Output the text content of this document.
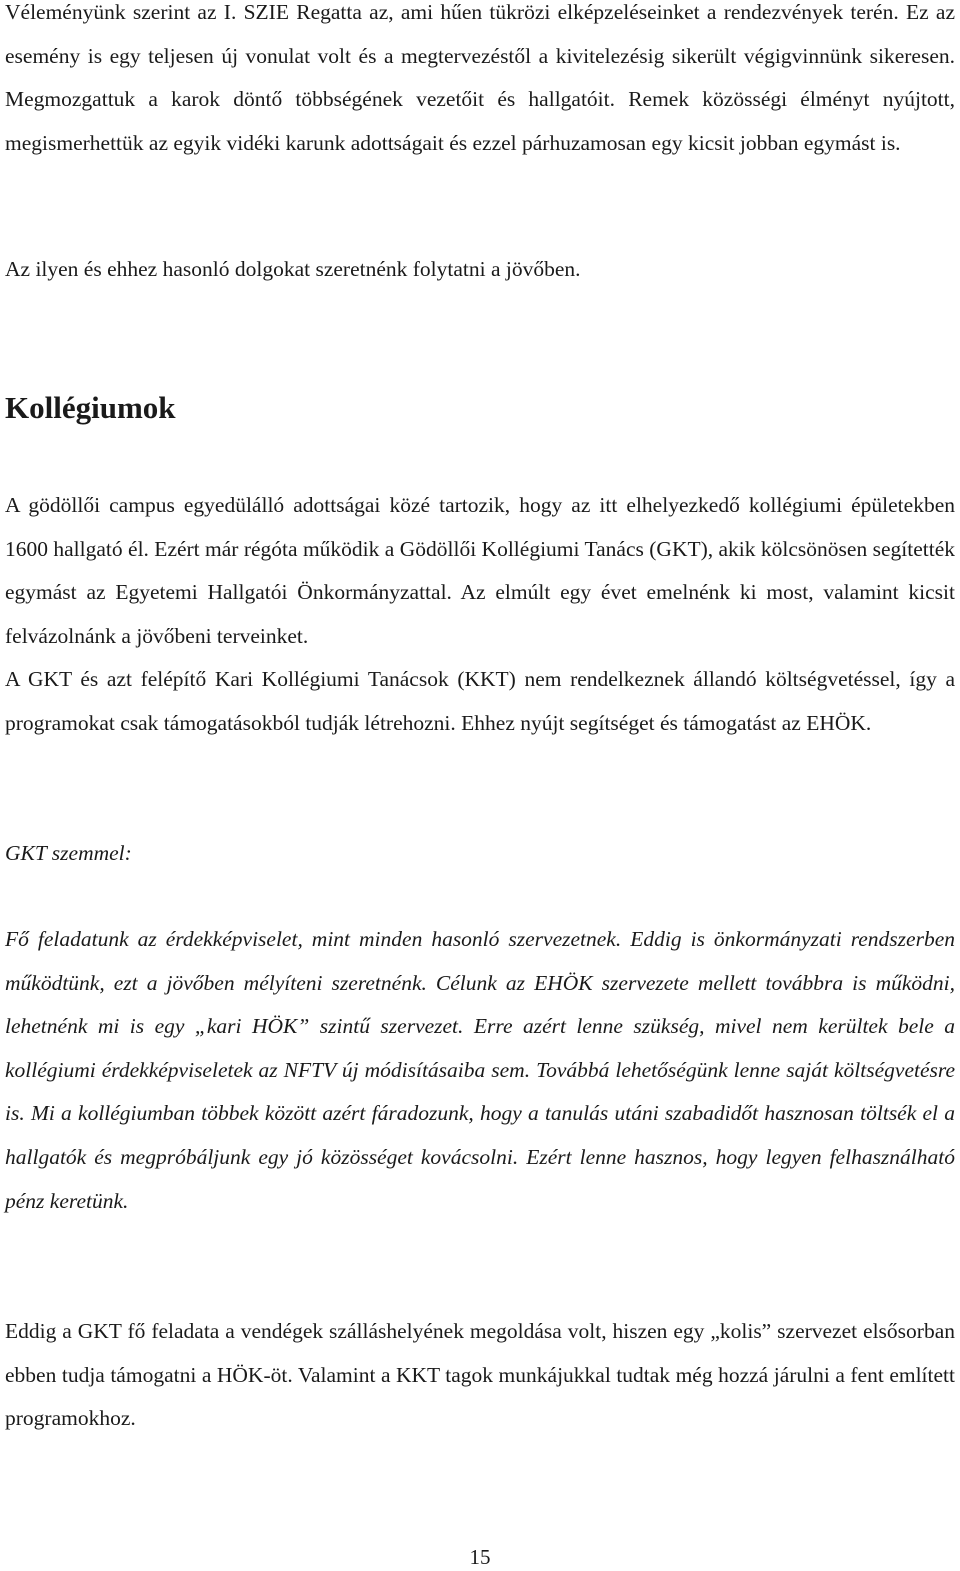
Véleményünk szerint az I. SZIE Regatta az, ami hűen tükrözi elképzeléseinket a rendezvények terén. Ez az esemény is egy teljesen új vonulat volt és a megtervezéstől a kivitelezésig sikerült végigvinnünk sikeresen. Megmozgattuk a karok döntő többségének vezetőit és hallgatóit. Remek közösségi élményt nyújtott, megismerhettük az egyik vidéki karunk adottságait és ezzel párhuzamosan egy kicsit jobban egymást is.

Az ilyen és ehhez hasonló dolgokat szeretnénk folytatni a jövőben.

Kollégiumok

A gödöllői campus egyedülálló adottságai közé tartozik, hogy az itt elhelyezkedő kollégiumi épületekben 1600 hallgató él. Ezért már régóta működik a Gödöllői Kollégiumi Tanács (GKT), akik kölcsönösen segítették egymást az Egyetemi Hallgatói Önkormányzattal. Az elmúlt egy évet emelnénk ki most, valamint kicsit felvázolnánk a jövőbeni terveinket.

A GKT és azt felépítő Kari Kollégiumi Tanácsok (KKT) nem rendelkeznek állandó költségvetéssel, így a programokat csak támogatásokból tudják létrehozni. Ehhez nyújt segítséget és támogatást az EHÖK.

GKT szemmel:

Fő feladatunk az érdekképviselet, mint minden hasonló szervezetnek. Eddig is önkormányzati rendszerben működtünk, ezt a jövőben mélyíteni szeretnénk. Célunk az EHÖK szervezete mellett továbbra is működni, lehetnénk mi is egy „kari HÖK” szintű szervezet. Erre azért lenne szükség, mivel nem kerültek bele a kollégiumi érdekképviseletek az NFTV új módisításaiba sem. Továbbá lehetőségünk lenne saját költségvetésre is. Mi a kollégiumban többek között azért fáradozunk, hogy a tanulás utáni szabadidőt hasznosan töltsék el a hallgatók és megpróbáljunk egy jó közösséget kovácsolni. Ezért lenne hasznos, hogy legyen felhasználható pénz keretünk.

Eddig a GKT fő feladata a vendégek szálláshelyének megoldása volt, hiszen egy „kolis” szervezet elsősorban ebben tudja támogatni a HÖK-öt. Valamint a KKT tagok munkájukkal tudtak még hozzá járulni a fent említett programokhoz.

15
